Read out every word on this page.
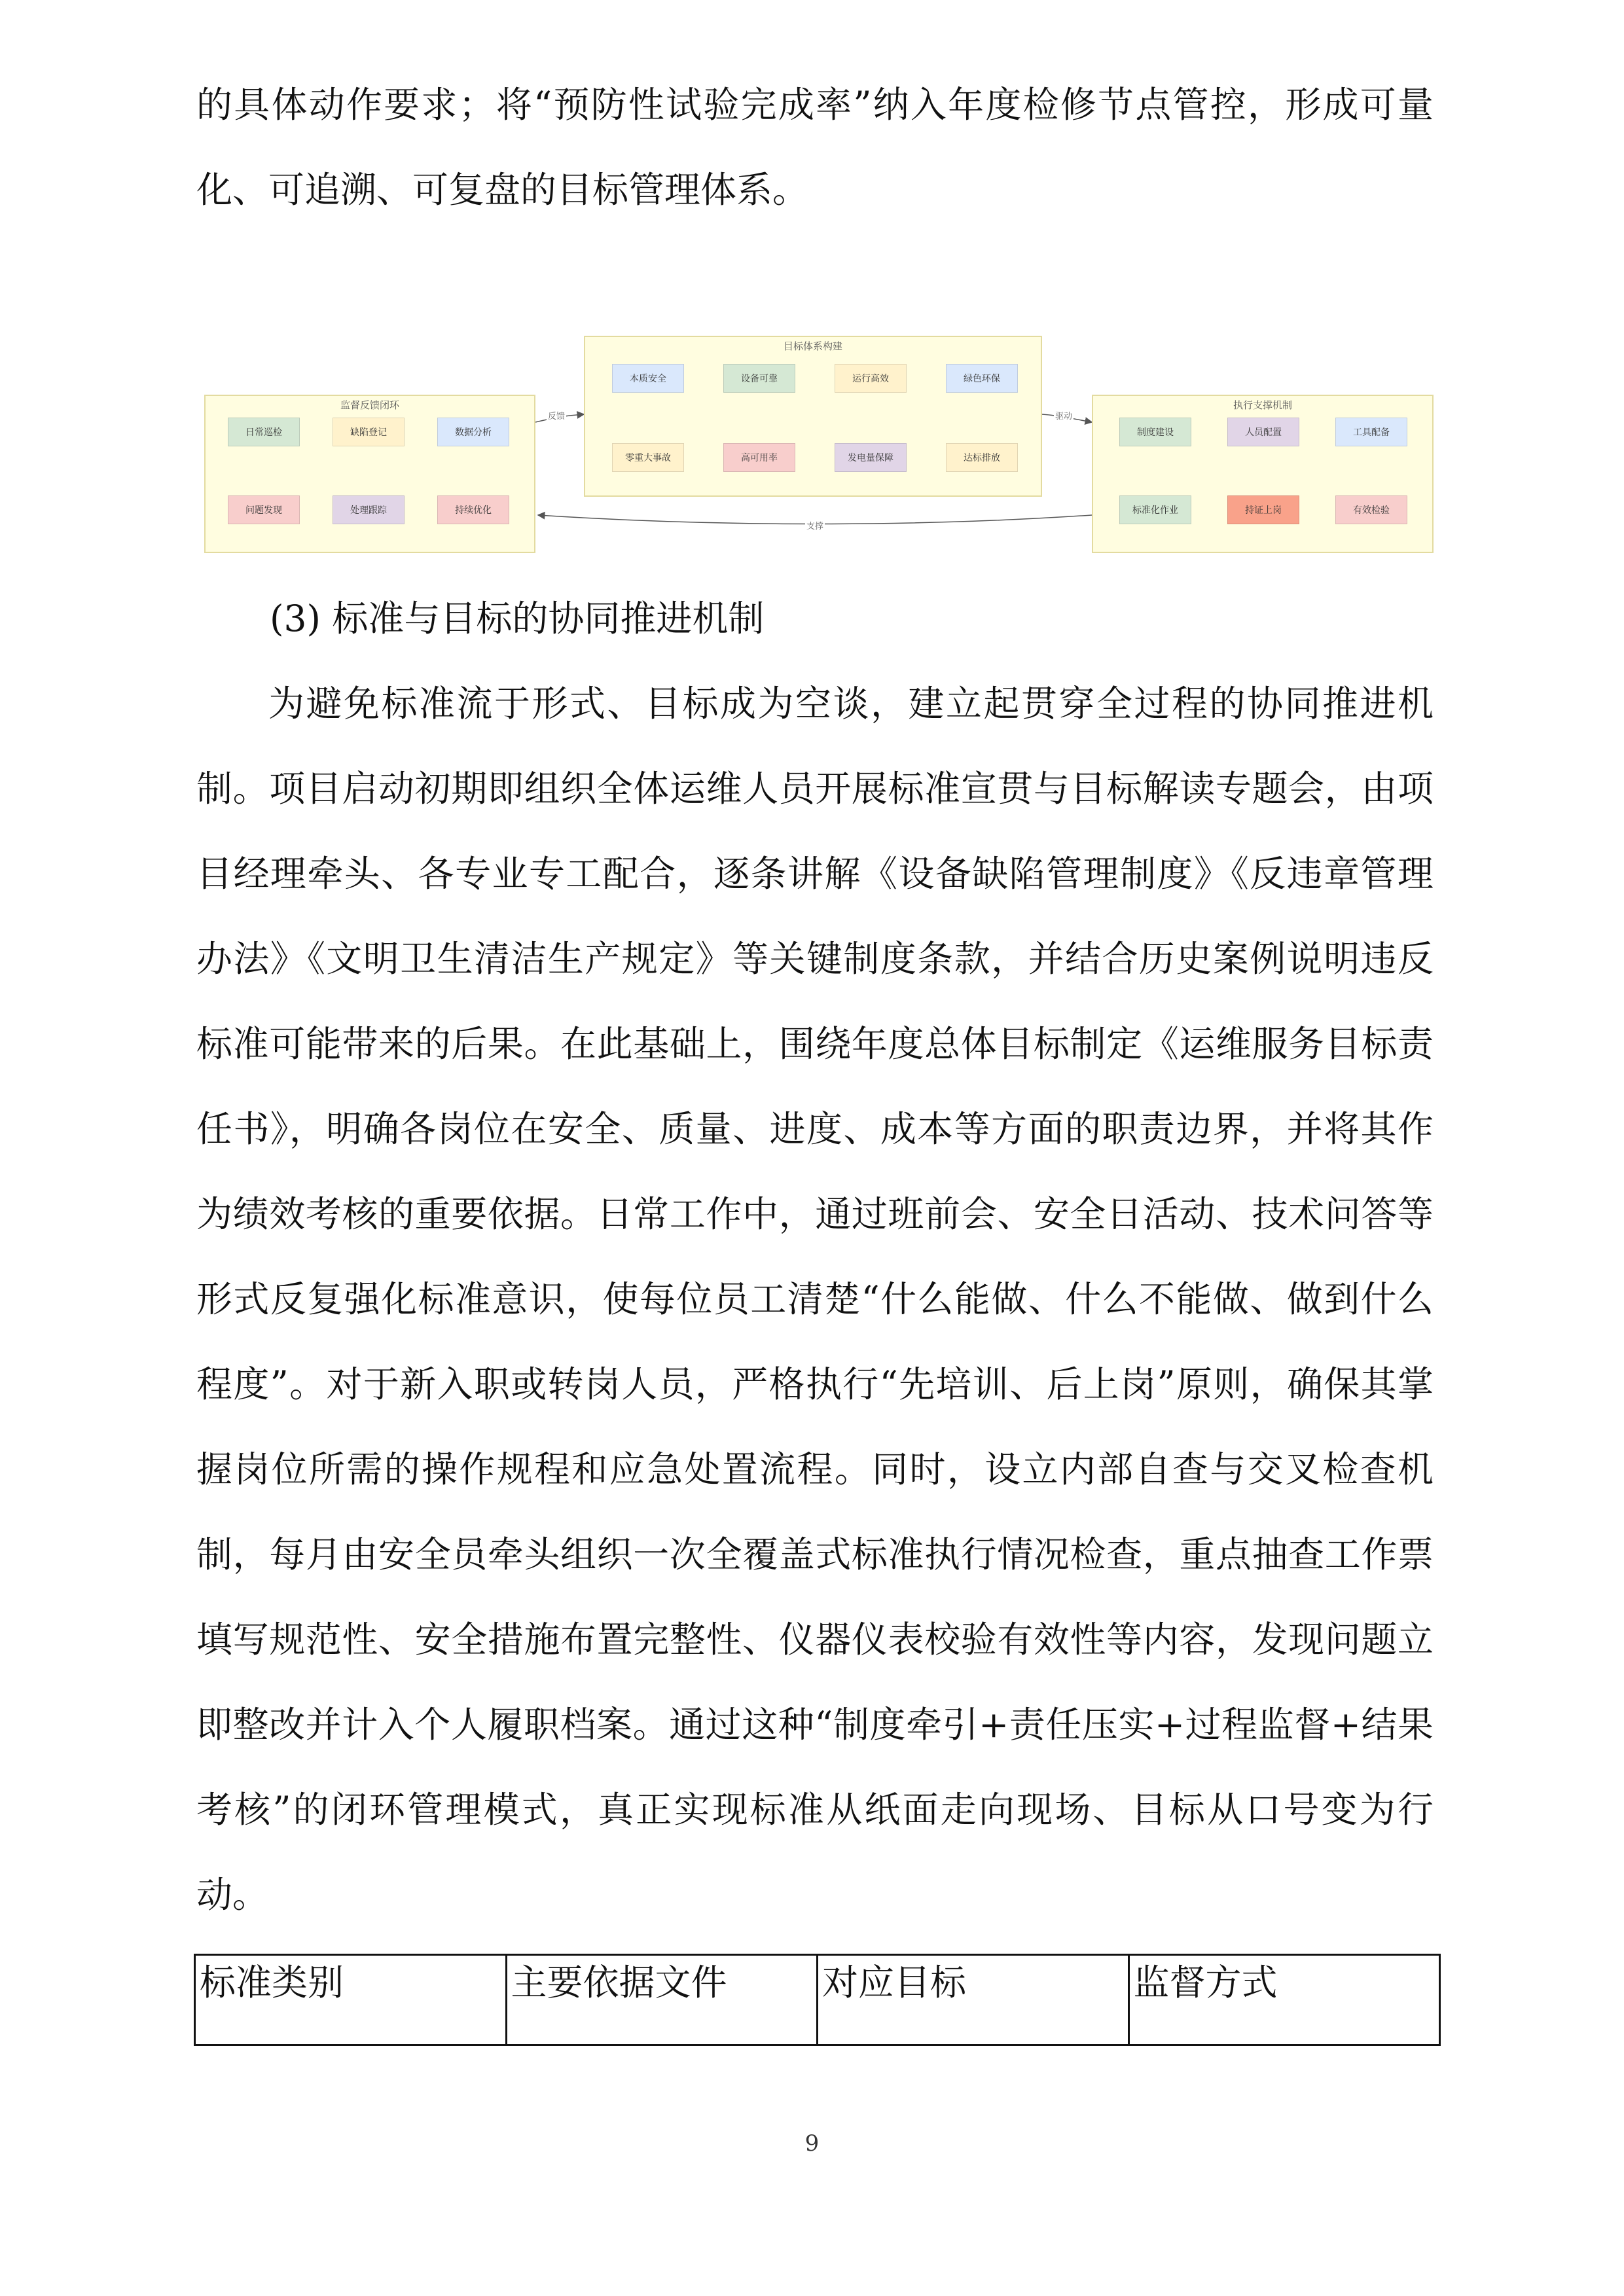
的具体动作要求；将“预防性试验完成率”纳入年度检修节点管控，形成可量化、可追溯、可复盘的目标管理体系。

监督反馈闭环
日常巡检	缺陷登记	数据分析
问题发现	处理跟踪	持续优化
目标体系构建
本质安全	设备可靠	运行高效	绿色环保
零重大事故	高可用率	发电量保障	达标排放
执行支撑机制
制度建设	人员配置	工具配备
标准化作业	持证上岗	有效检验
反馈	驱动
支撑

(3) 标准与目标的协同推进机制

为避免标准流于形式、目标成为空谈，建立起贯穿全过程的协同推进机制。项目启动初期即组织全体运维人员开展标准宣贯与目标解读专题会，由项目经理牵头、各专业专工配合，逐条讲解《设备缺陷管理制度》《反违章管理办法》《文明卫生清洁生产规定》等关键制度条款，并结合历史案例说明违反标准可能带来的后果。在此基础上，围绕年度总体目标制定《运维服务目标责任书》，明确各岗位在安全、质量、进度、成本等方面的职责边界，并将其作为绩效考核的重要依据。日常工作中，通过班前会、安全日活动、技术问答等形式反复强化标准意识，使每位员工清楚“什么能做、什么不能做、做到什么程度”。对于新入职或转岗人员，严格执行“先培训、后上岗”原则，确保其掌握岗位所需的操作规程和应急处置流程。同时，设立内部自查与交叉检查机制，每月由安全员牵头组织一次全覆盖式标准执行情况检查，重点抽查工作票填写规范性、安全措施布置完整性、仪器仪表校验有效性等内容，发现问题立即整改并计入个人履职档案。通过这种“制度牵引+责任压实+过程监督+结果考核”的闭环管理模式，真正实现标准从纸面走向现场、目标从口号变为行动。

标准类别	主要依据文件	对应目标	监督方式
9
